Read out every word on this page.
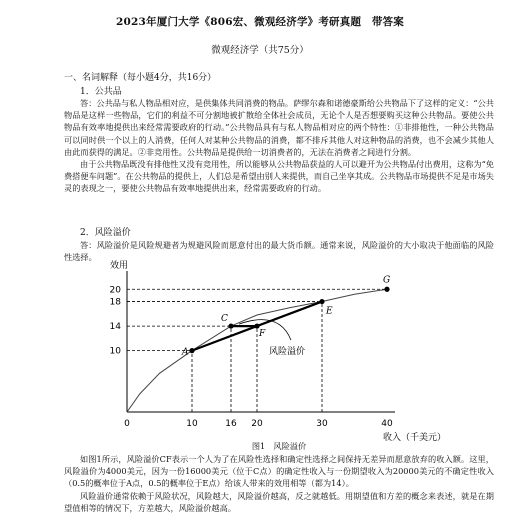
2023年厦门大学《806宏、微观经济学》考研真题　带答案
微观经济学（共75分）
一、名词解释（每小题4分，共16分）
1．公共品
答：公共品与私人物品相对应，是供集体共同消费的物品。萨缪尔森和诺德豪斯给公共物品下了这样的定义：“公共物品是这样一些物品，它们的利益不可分割地被扩散给全体社会成员，无论个人是否想要购买这种公共物品。要使公共物品有效率地提供出来经常需要政府的行动。”公共物品具有与私人物品相对应的两个特性：①非排他性，一种公共物品可以同时供一个以上的人消费，任何人对某种公共物品的消费，都不排斥其他人对这种物品的消费，也不会减少其他人由此而获得的满足。②非竞用性。公共物品是提供给一切消费者的，无法在消费者之间进行分割。
由于公共物品既没有排他性又没有竞用性，所以能够从公共物品获益的人可以避开为公共物品付出费用，这称为“免费搭便车问题”。在公共物品的提供上，人们总是希望由别人来提供，而自己坐享其成。公共物品市场提供不足是市场失灵的表现之一，要使公共物品有效率地提供出来，经常需要政府的行动。
2．风险溢价
答：风险溢价是风险规避者为规避风险而愿意付出的最大货币额。通常来说，风险溢价的大小取决于他面临的风险性选择。
效用
收入（千美元）
风险溢价
A
C
F
E
G
0	10	16 20	30	40
10
14
18
20
图1　风险溢价
如图1所示，风险溢价CF表示一个人为了在风险性选择和确定性选择之间保持无差异而愿意放弃的收入额。这里，风险溢价为4000美元，因为一份16000美元（位于C点）的确定性收入与一份期望收入为20000美元的不确定性收入（0.5的概率位于A点，0.5的概率位于E点）给该人带来的效用相等（都为14）。
风险溢价通常依赖于风险状况，风险越大，风险溢价越高，反之就越低。用期望值和方差的概念来表述，就是在期望值相等的情况下，方差越大，风险溢价越高。
